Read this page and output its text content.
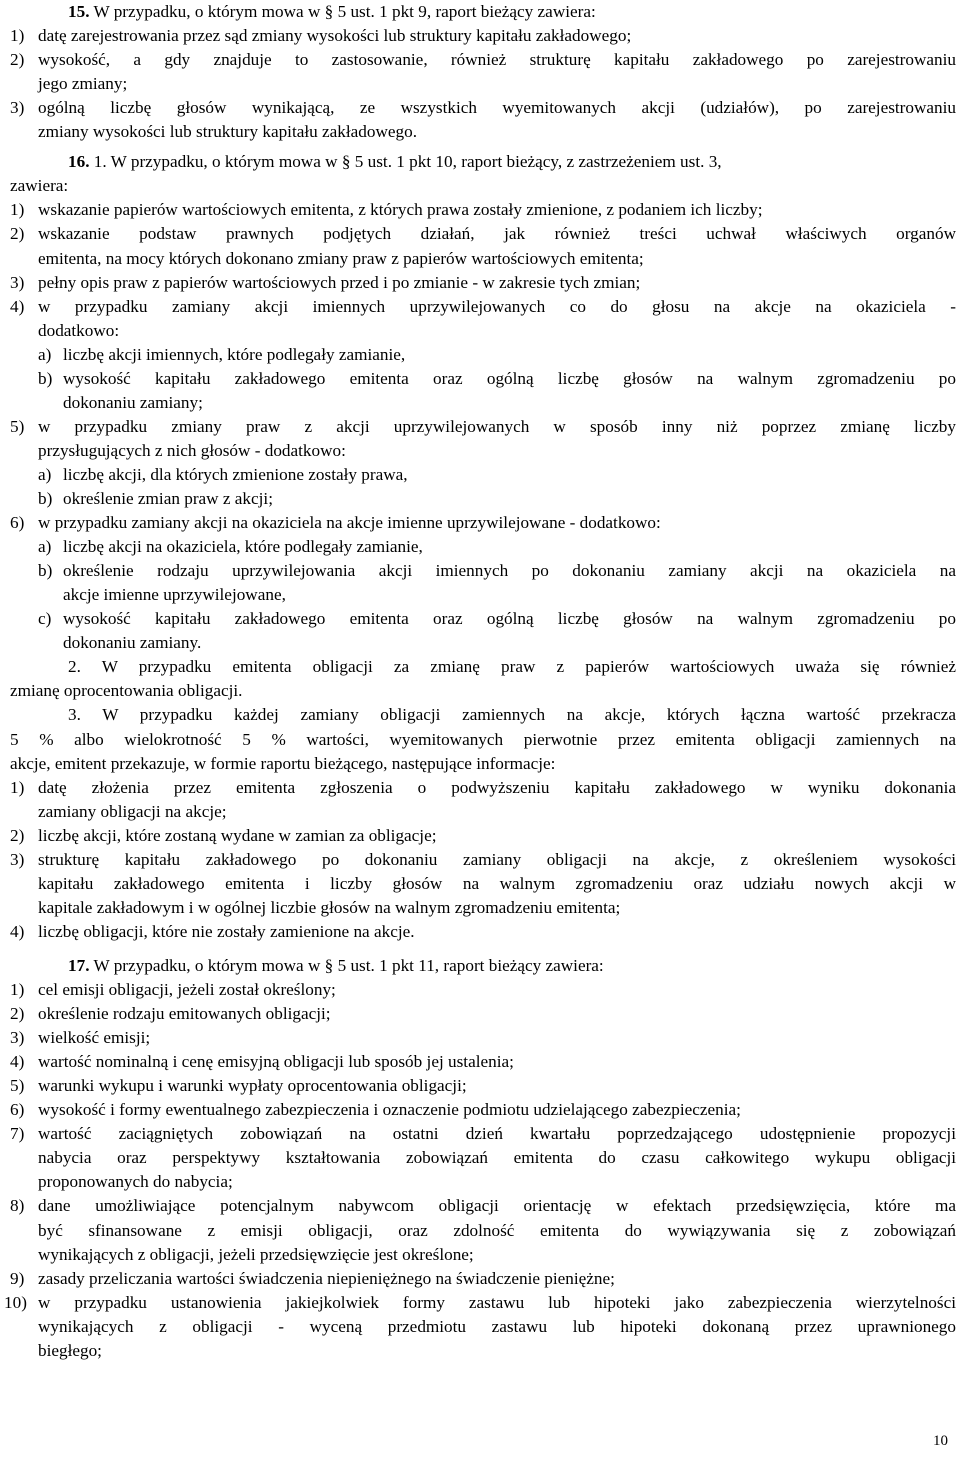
15. W przypadku, o którym mowa w § 5 ust. 1 pkt 9, raport bieżący zawiera:
datę zarejestrowania przez sąd zmiany wysokości lub struktury kapitału zakładowego;
1)
wysokość, a gdy znajduje to zastosowanie, również strukturę kapitału zakładowego po zarejestrowaniu
2)
jego zmiany;
ogólną liczbę głosów wynikającą, ze wszystkich wyemitowanych akcji (udziałów), po zarejestrowaniu
3)
zmiany wysokości lub struktury kapitału zakładowego.
16. 1. W przypadku, o którym mowa w § 5 ust. 1 pkt 10, raport bieżący, z zastrzeżeniem ust. 3,
zawiera:
wskazanie papierów wartościowych emitenta, z których prawa zostały zmienione, z podaniem ich liczby;
1)
wskazanie podstaw prawnych podjętych działań, jak również treści uchwał właściwych organów
2)
emitenta, na mocy których dokonano zmiany praw z papierów wartościowych emitenta;
pełny opis praw z papierów wartościowych przed i po zmianie - w zakresie tych zmian;
3)
w przypadku zamiany akcji imiennych uprzywilejowanych co do głosu na akcje na okaziciela -
4)
dodatkowo:
liczbę akcji imiennych, które podlegały zamianie,
a)
wysokość kapitału zakładowego emitenta oraz ogólną liczbę głosów na walnym zgromadzeniu po
b)
dokonaniu zamiany;
w przypadku zmiany praw z akcji uprzywilejowanych w sposób inny niż poprzez zmianę liczby
5)
przysługujących z nich głosów - dodatkowo:
liczbę akcji, dla których zmienione zostały prawa,
a)
określenie zmian praw z akcji;
b)
w przypadku zamiany akcji na okaziciela na akcje imienne uprzywilejowane - dodatkowo:
6)
liczbę akcji na okaziciela, które podlegały zamianie,
a)
określenie rodzaju uprzywilejowania akcji imiennych po dokonaniu zamiany akcji na okaziciela na
b)
akcje imienne uprzywilejowane,
wysokość kapitału zakładowego emitenta oraz ogólną liczbę głosów na walnym zgromadzeniu po
c)
dokonaniu zamiany.
2. W przypadku emitenta obligacji za zmianę praw z papierów wartościowych uważa się również
zmianę oprocentowania obligacji.
3. W przypadku każdej zamiany obligacji zamiennych na akcje, których łączna wartość przekracza
5 % albo wielokrotność 5 % wartości, wyemitowanych pierwotnie przez emitenta obligacji zamiennych na
akcje, emitent przekazuje, w formie raportu bieżącego, następujące informacje:
datę złożenia przez emitenta zgłoszenia o podwyższeniu kapitału zakładowego w wyniku dokonania
1)
zamiany obligacji na akcje;
liczbę akcji, które zostaną wydane w zamian za obligacje;
2)
strukturę kapitału zakładowego po dokonaniu zamiany obligacji na akcje, z określeniem wysokości
3)
kapitału zakładowego emitenta i liczby głosów na walnym zgromadzeniu oraz udziału nowych akcji w
kapitale zakładowym i w ogólnej liczbie głosów na walnym zgromadzeniu emitenta;
liczbę obligacji, które nie zostały zamienione na akcje.
4)
17. W przypadku, o którym mowa w § 5 ust. 1 pkt 11, raport bieżący zawiera:
cel emisji obligacji, jeżeli został określony;
1)
określenie rodzaju emitowanych obligacji;
2)
wielkość emisji;
3)
wartość nominalną i cenę emisyjną obligacji lub sposób jej ustalenia;
4)
warunki wykupu i warunki wypłaty oprocentowania obligacji;
5)
wysokość i formy ewentualnego zabezpieczenia i oznaczenie podmiotu udzielającego zabezpieczenia;
6)
wartość zaciągniętych zobowiązań na ostatni dzień kwartału poprzedzającego udostępnienie propozycji
7)
nabycia oraz perspektywy kształtowania zobowiązań emitenta do czasu całkowitego wykupu obligacji
proponowanych do nabycia;
dane umożliwiające potencjalnym nabywcom obligacji orientację w efektach przedsięwzięcia, które ma
8)
być sfinansowane z emisji obligacji, oraz zdolność emitenta do wywiązywania się z zobowiązań
wynikających z obligacji, jeżeli przedsięwzięcie jest określone;
zasady przeliczania wartości świadczenia niepieniężnego na świadczenie pieniężne;
9)
w przypadku ustanowienia jakiejkolwiek formy zastawu lub hipoteki jako zabezpieczenia wierzytelności
10)
wynikających z obligacji - wyceną przedmiotu zastawu lub hipoteki dokonaną przez uprawnionego
biegłego;
10
